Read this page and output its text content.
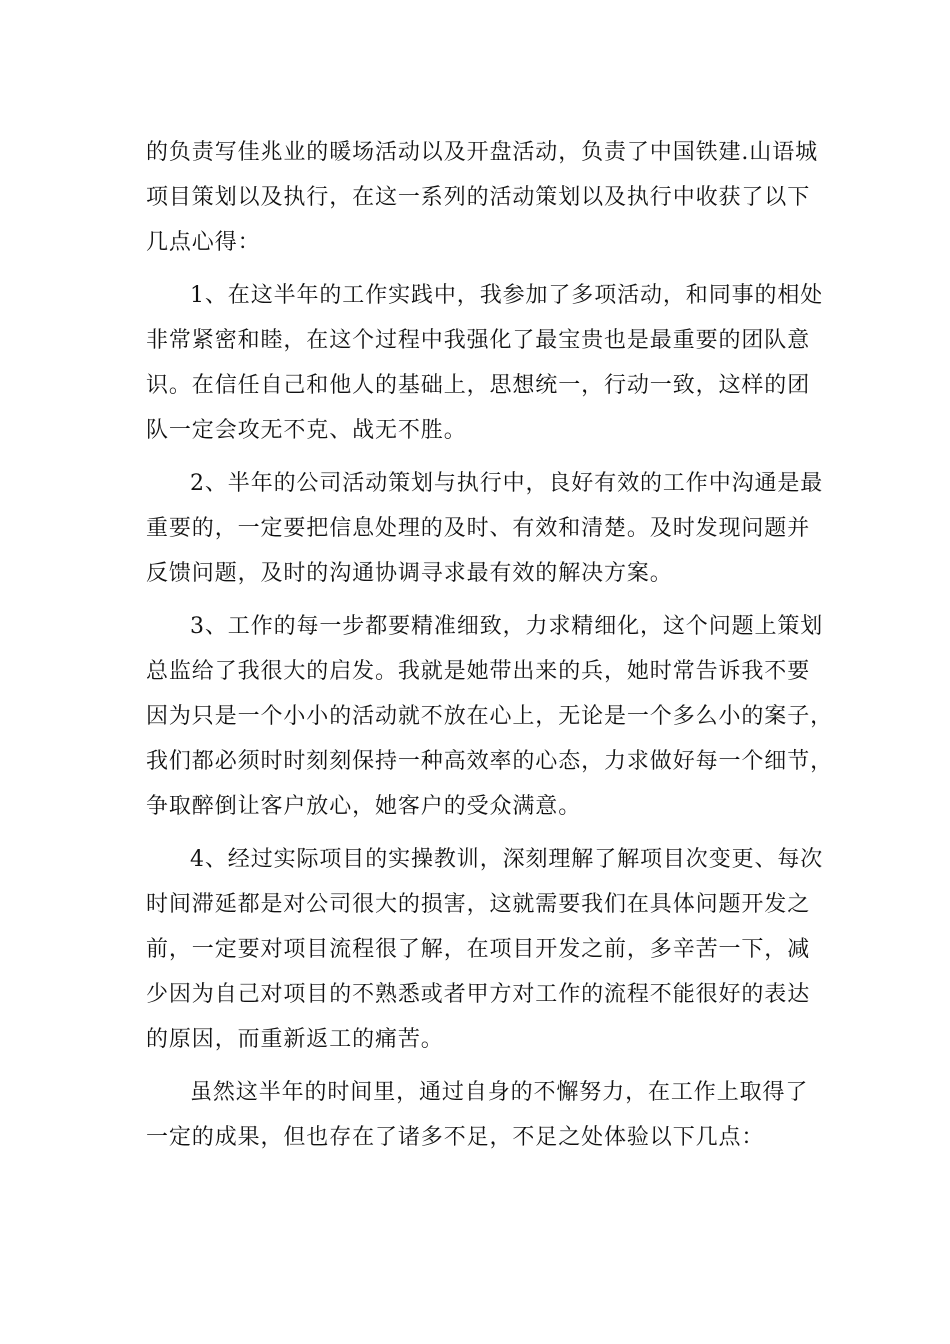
的负责写佳兆业的暖场活动以及开盘活动，负责了中国铁建.山语城
项目策划以及执行，在这一系列的活动策划以及执行中收获了以下
几点心得：
1、在这半年的工作实践中，我参加了多项活动，和同事的相处
非常紧密和睦，在这个过程中我强化了最宝贵也是最重要的团队意
识。在信任自己和他人的基础上，思想统一，行动一致，这样的团
队一定会攻无不克、战无不胜。
2、半年的公司活动策划与执行中，良好有效的工作中沟通是最
重要的，一定要把信息处理的及时、有效和清楚。及时发现问题并
反馈问题，及时的沟通协调寻求最有效的解决方案。
3、工作的每一步都要精准细致，力求精细化，这个问题上策划
总监给了我很大的启发。我就是她带出来的兵，她时常告诉我不要
因为只是一个小小的活动就不放在心上，无论是一个多么小的案子，
我们都必须时时刻刻保持一种高效率的心态，力求做好每一个细节，
争取醉倒让客户放心，她客户的受众满意。
4、经过实际项目的实操教训，深刻理解了解项目次变更、每次
时间滞延都是对公司很大的损害，这就需要我们在具体问题开发之
前，一定要对项目流程很了解，在项目开发之前，多辛苦一下，减
少因为自己对项目的不熟悉或者甲方对工作的流程不能很好的表达
的原因，而重新返工的痛苦。
虽然这半年的时间里，通过自身的不懈努力，在工作上取得了
一定的成果，但也存在了诸多不足，不足之处体验以下几点：
